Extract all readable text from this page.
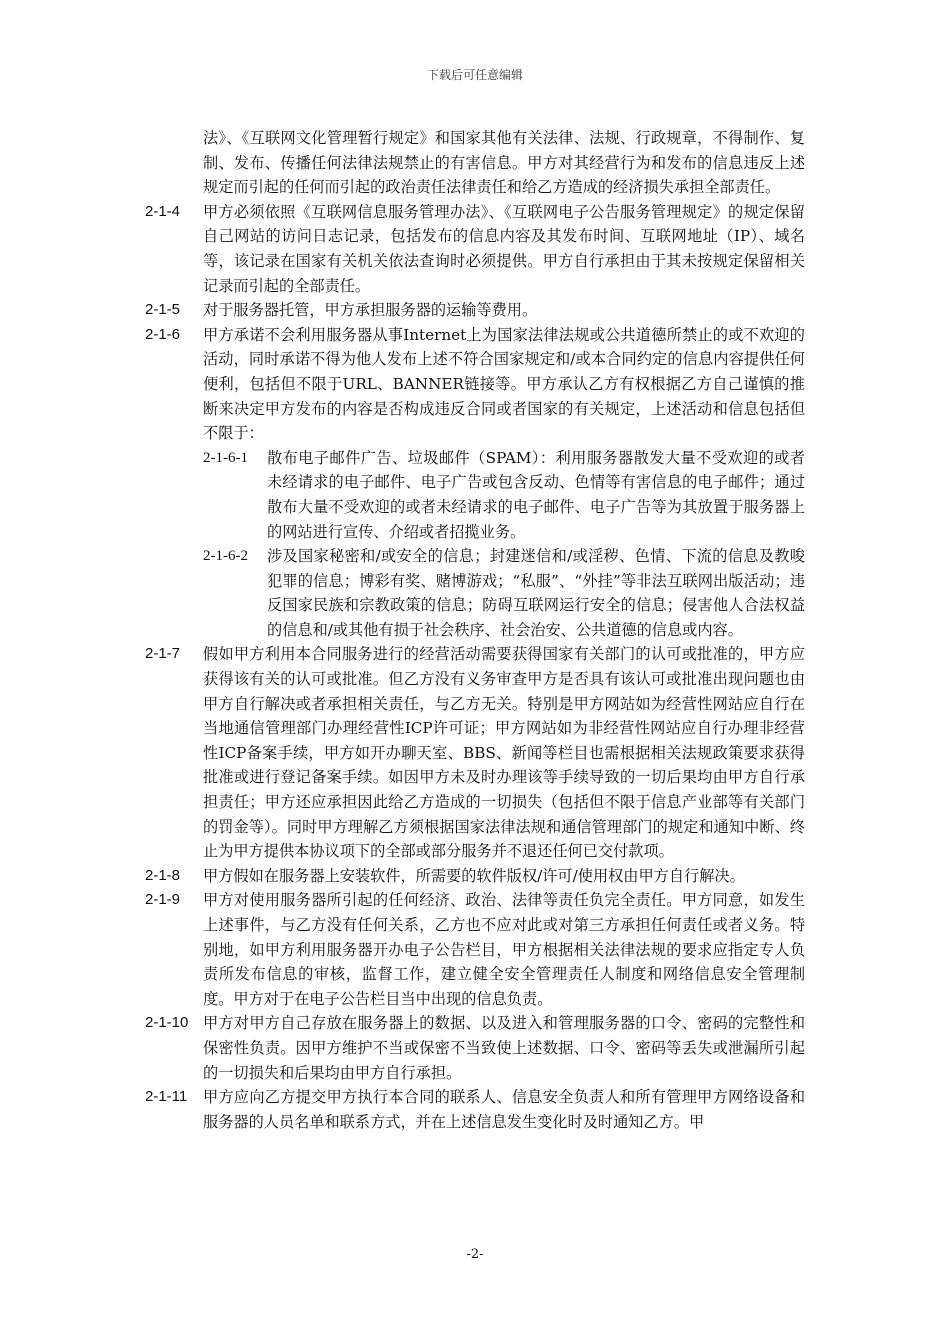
下载后可任意编辑
法》、《互联网文化管理暂行规定》和国家其他有关法律、法规、行政规章，不得制作、复制、发布、传播任何法律法规禁止的有害信息。甲方对其经营行为和发布的信息违反上述规定而引起的任何而引起的政治责任法律责任和给乙方造成的经济损失承担全部责任。
2-1-4	甲方必须依照《互联网信息服务管理办法》、《互联网电子公告服务管理规定》的规定保留自己网站的访问日志记录，包括发布的信息内容及其发布时间、互联网地址（IP）、域名等，该记录在国家有关机关依法查询时必须提供。甲方自行承担由于其未按规定保留相关记录而引起的全部责任。
2-1-5	对于服务器托管，甲方承担服务器的运输等费用。
2-1-6	甲方承诺不会利用服务器从事Internet上为国家法律法规或公共道德所禁止的或不欢迎的活动，同时承诺不得为他人发布上述不符合国家规定和/或本合同约定的信息内容提供任何便利，包括但不限于URL、BANNER链接等。甲方承认乙方有权根据乙方自己谨慎的推断来决定甲方发布的内容是否构成违反合同或者国家的有关规定，上述活动和信息包括但不限于：
2-1-6-1	散布电子邮件广告、垃圾邮件（SPAM）：利用服务器散发大量不受欢迎的或者未经请求的电子邮件、电子广告或包含反动、色情等有害信息的电子邮件；通过散布大量不受欢迎的或者未经请求的电子邮件、电子广告等为其放置于服务器上的网站进行宣传、介绍或者招揽业务。
2-1-6-2	涉及国家秘密和/或安全的信息；封建迷信和/或淫秽、色情、下流的信息及教唆犯罪的信息；博彩有奖、赌博游戏；“私服”、“外挂”等非法互联网出版活动；违反国家民族和宗教政策的信息；防碍互联网运行安全的信息；侵害他人合法权益的信息和/或其他有损于社会秩序、社会治安、公共道德的信息或内容。
2-1-7	假如甲方利用本合同服务进行的经营活动需要获得国家有关部门的认可或批准的，甲方应获得该有关的认可或批准。但乙方没有义务审查甲方是否具有该认可或批准出现问题也由甲方自行解决或者承担相关责任，与乙方无关。特别是甲方网站如为经营性网站应自行在当地通信管理部门办理经营性ICP许可证；甲方网站如为非经营性网站应自行办理非经营性ICP备案手续，甲方如开办聊天室、BBS、新闻等栏目也需根据相关法规政策要求获得批准或进行登记备案手续。如因甲方未及时办理该等手续导致的一切后果均由甲方自行承担责任；甲方还应承担因此给乙方造成的一切损失（包括但不限于信息产业部等有关部门的罚金等）。同时甲方理解乙方须根据国家法律法规和通信管理部门的规定和通知中断、终止为甲方提供本协议项下的全部或部分服务并不退还任何已交付款项。
2-1-8	甲方假如在服务器上安装软件，所需要的软件版权/许可/使用权由甲方自行解决。
2-1-9	甲方对使用服务器所引起的任何经济、政治、法律等责任负完全责任。甲方同意，如发生上述事件，与乙方没有任何关系，乙方也不应对此或对第三方承担任何责任或者义务。特别地，如甲方利用服务器开办电子公告栏目，甲方根据相关法律法规的要求应指定专人负责所发布信息的审核，监督工作，建立健全安全管理责任人制度和网络信息安全管理制度。甲方对于在电子公告栏目当中出现的信息负责。
2-1-10 甲方对甲方自己存放在服务器上的数据、以及进入和管理服务器的口令、密码的完整性和保密性负责。因甲方维护不当或保密不当致使上述数据、口令、密码等丢失或泄漏所引起的一切损失和后果均由甲方自行承担。
2-1-11	甲方应向乙方提交甲方执行本合同的联系人、信息安全负责人和所有管理甲方网络设备和服务器的人员名单和联系方式，并在上述信息发生变化时及时通知乙方。甲
-2-
